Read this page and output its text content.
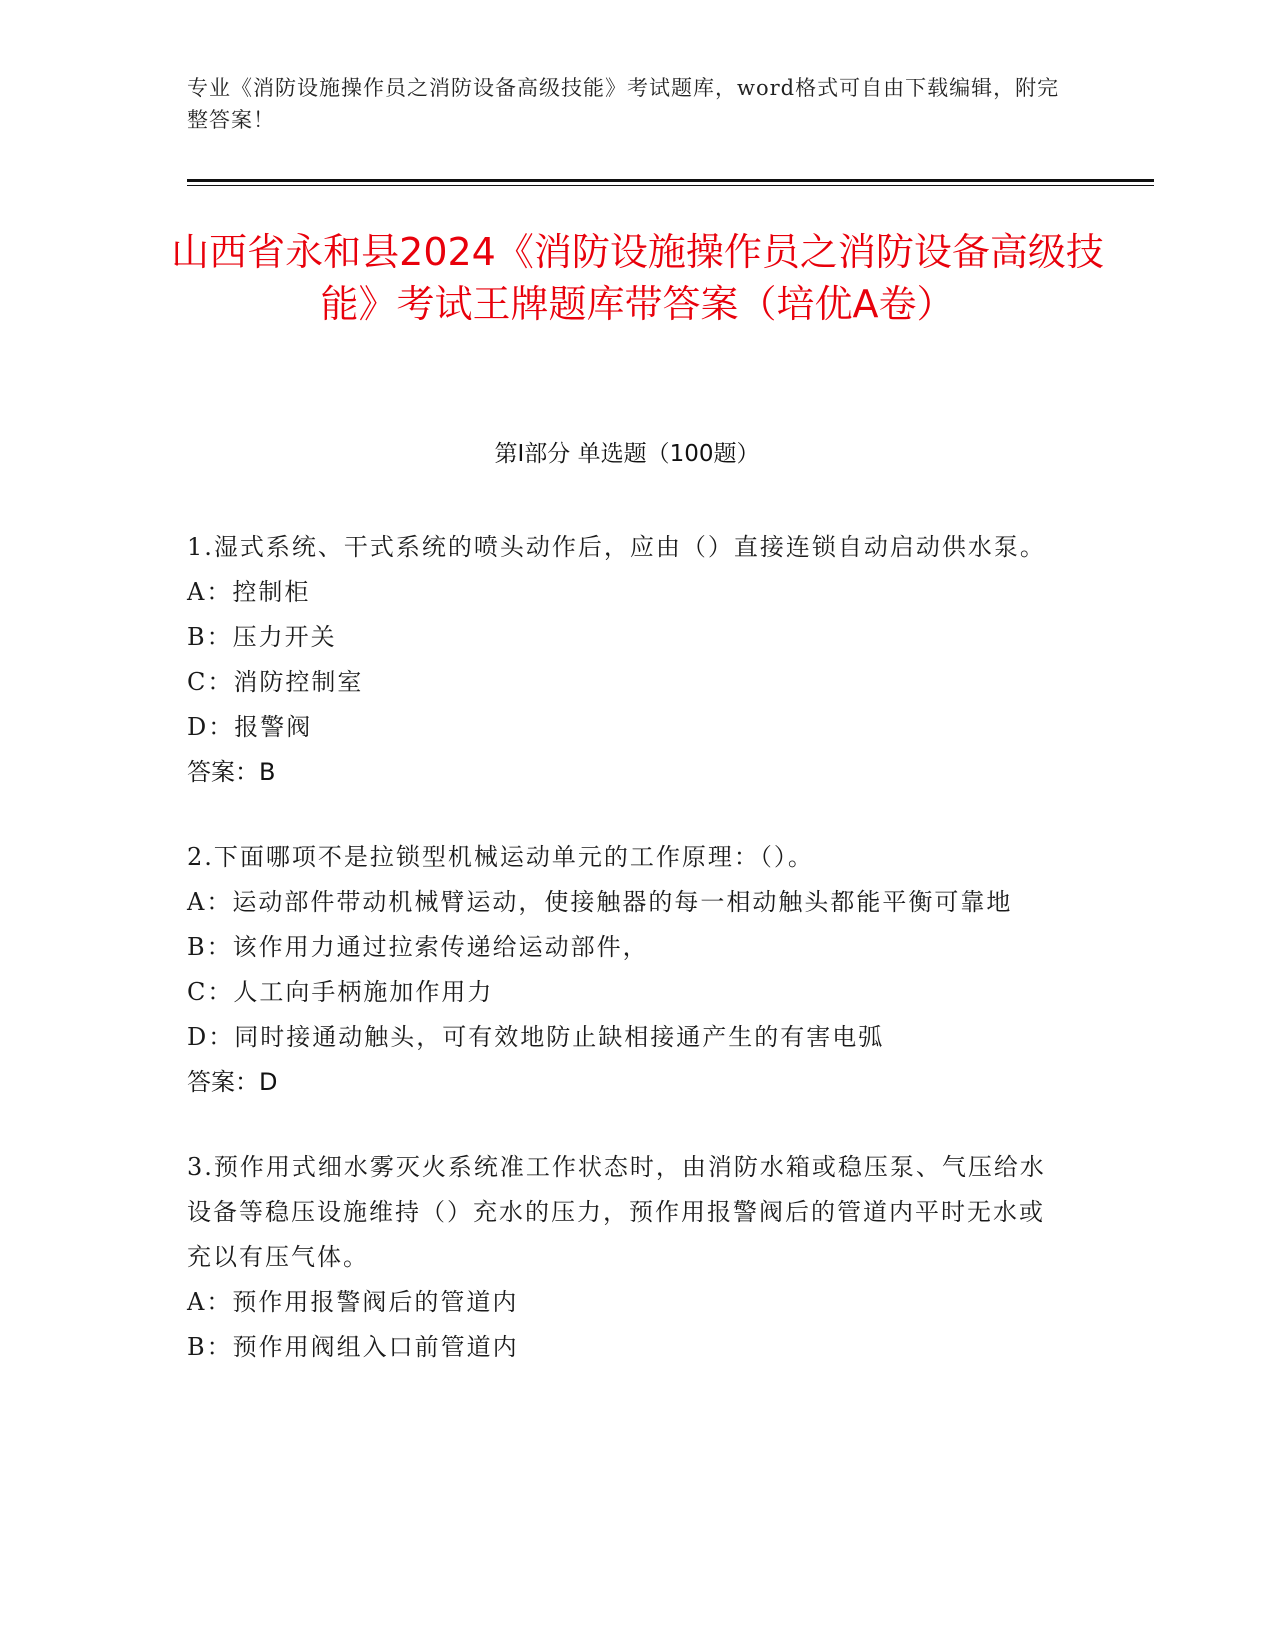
专业《消防设施操作员之消防设备高级技能》考试题库，word格式可自由下载编辑，附完整答案！
山西省永和县2024《消防设施操作员之消防设备高级技能》考试王牌题库带答案（培优A卷）
第I部分 单选题（100题）
1.湿式系统、干式系统的喷头动作后，应由（）直接连锁自动启动供水泵。
A：控制柜
B：压力开关
C：消防控制室
D：报警阀
答案：B
2.下面哪项不是拉锁型机械运动单元的工作原理：（）。
A：运动部件带动机械臂运动，使接触器的每一相动触头都能平衡可靠地
B：该作用力通过拉索传递给运动部件，
C：人工向手柄施加作用力
D：同时接通动触头，可有效地防止缺相接通产生的有害电弧
答案：D
3.预作用式细水雾灭火系统准工作状态时，由消防水箱或稳压泵、气压给水设备等稳压设施维持（）充水的压力，预作用报警阀后的管道内平时无水或充以有压气体。
A：预作用报警阀后的管道内
B：预作用阀组入口前管道内
